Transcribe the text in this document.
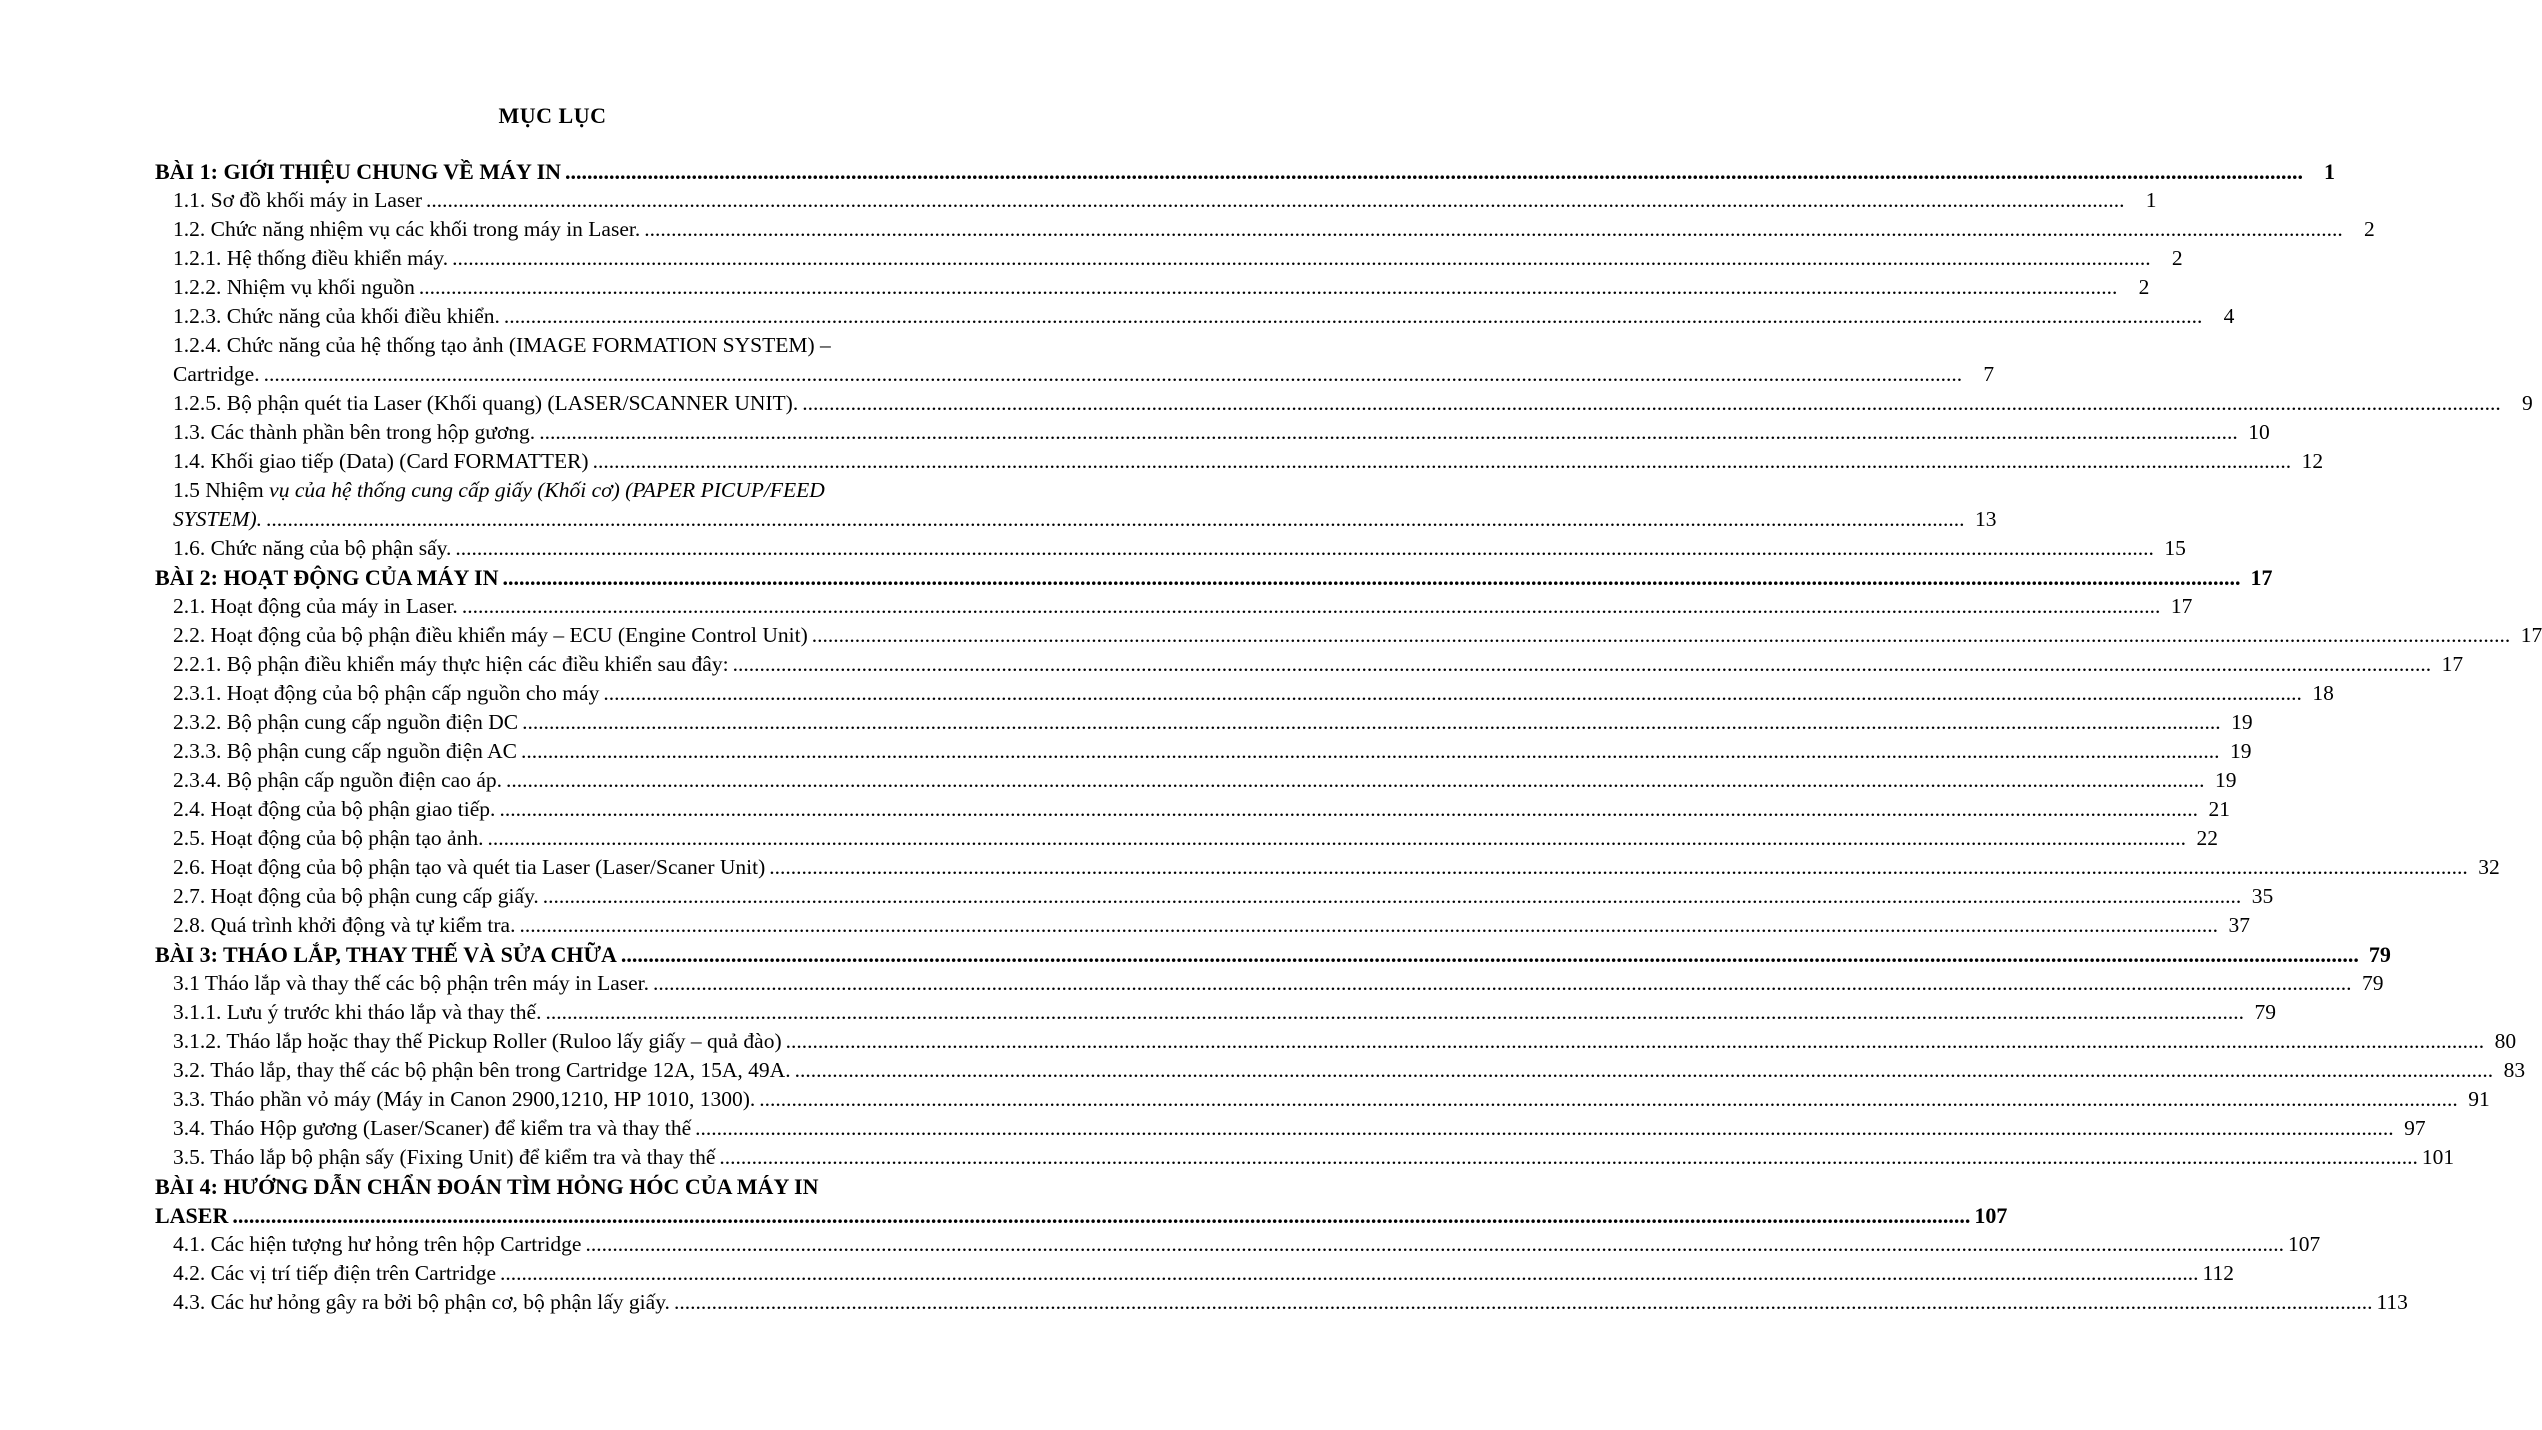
MỤC LỤC
BÀI 1: GIỚI THIỆU CHUNG VỀ MÁY IN .....	1
1.1. Sơ đồ khối máy in Laser .....	1
1.2. Chức năng nhiệm vụ các khối trong máy in Laser. .....	2
1.2.1. Hệ thống điều khiển máy. .....	2
1.2.2. Nhiệm vụ khối nguồn .....	2
1.2.3. Chức năng của khối điều khiển. .....	4
1.2.4. Chức năng của hệ thống tạo ảnh (IMAGE FORMATION SYSTEM) –
Cartridge. .....	7
1.2.5. Bộ phận quét tia Laser (Khối quang) (LASER/SCANNER UNIT). .....	9
1.3. Các thành phần bên trong hộp gương. .....	10
1.4. Khối giao tiếp (Data) (Card FORMATTER) .....	12
1.5 Nhiệm vụ của hệ thống cung cấp giấy (Khối cơ) (PAPER PICUP/FEED
SYSTEM). .....	13
1.6. Chức năng của bộ phận sấy. .....	15
BÀI 2: HOẠT ĐỘNG CỦA MÁY IN .....	17
2.1. Hoạt động của máy in Laser. .....	17
2.2. Hoạt động của bộ phận điều khiển máy – ECU (Engine Control Unit) .....	17
2.2.1. Bộ phận điều khiển máy thực hiện các điều khiển sau đây: .....	17
2.3.1. Hoạt động của bộ phận cấp nguồn cho máy .....	18
2.3.2. Bộ phận cung cấp nguồn điện DC .....	19
2.3.3. Bộ phận cung cấp nguồn điện AC .....	19
2.3.4. Bộ phận cấp nguồn điện cao áp. .....	19
2.4. Hoạt động của bộ phận giao tiếp. .....	21
2.5. Hoạt động của bộ phận tạo ảnh. .....	22
2.6. Hoạt động của bộ phận tạo và quét tia Laser (Laser/Scaner Unit) .....	32
2.7. Hoạt động của bộ phận cung cấp giấy. .....	35
2.8. Quá trình khởi động và tự kiểm tra. .....	37
BÀI 3: THÁO LẮP, THAY THẾ VÀ SỬA CHỮA .....	79
3.1 Tháo lắp và thay thế các bộ phận trên máy in Laser. .....	79
3.1.1. Lưu ý trước khi tháo lắp và thay thế. .....	79
3.1.2. Tháo lắp hoặc thay thế Pickup Roller (Ruloo lấy giấy – quả đào) .....	80
3.2. Tháo lắp, thay thế các bộ phận bên trong Cartridge 12A, 15A, 49A. .....	83
3.3. Tháo phần vỏ máy (Máy in Canon 2900,1210, HP 1010, 1300). .....	91
3.4. Tháo Hộp gương (Laser/Scaner) để kiểm tra và thay thế .....	97
3.5. Tháo lắp bộ phận sấy (Fixing Unit) để kiểm tra và thay thế .....	101
BÀI 4: HƯỚNG DẪN CHẨN ĐOÁN TÌM HỎNG HÓC CỦA MÁY IN
LASER .....	107
4.1. Các hiện tượng hư hỏng trên hộp Cartridge .....	107
4.2. Các vị trí tiếp điện trên Cartridge .....	112
4.3. Các hư hỏng gây ra bởi bộ phận cơ, bộ phận lấy giấy. .....	113
